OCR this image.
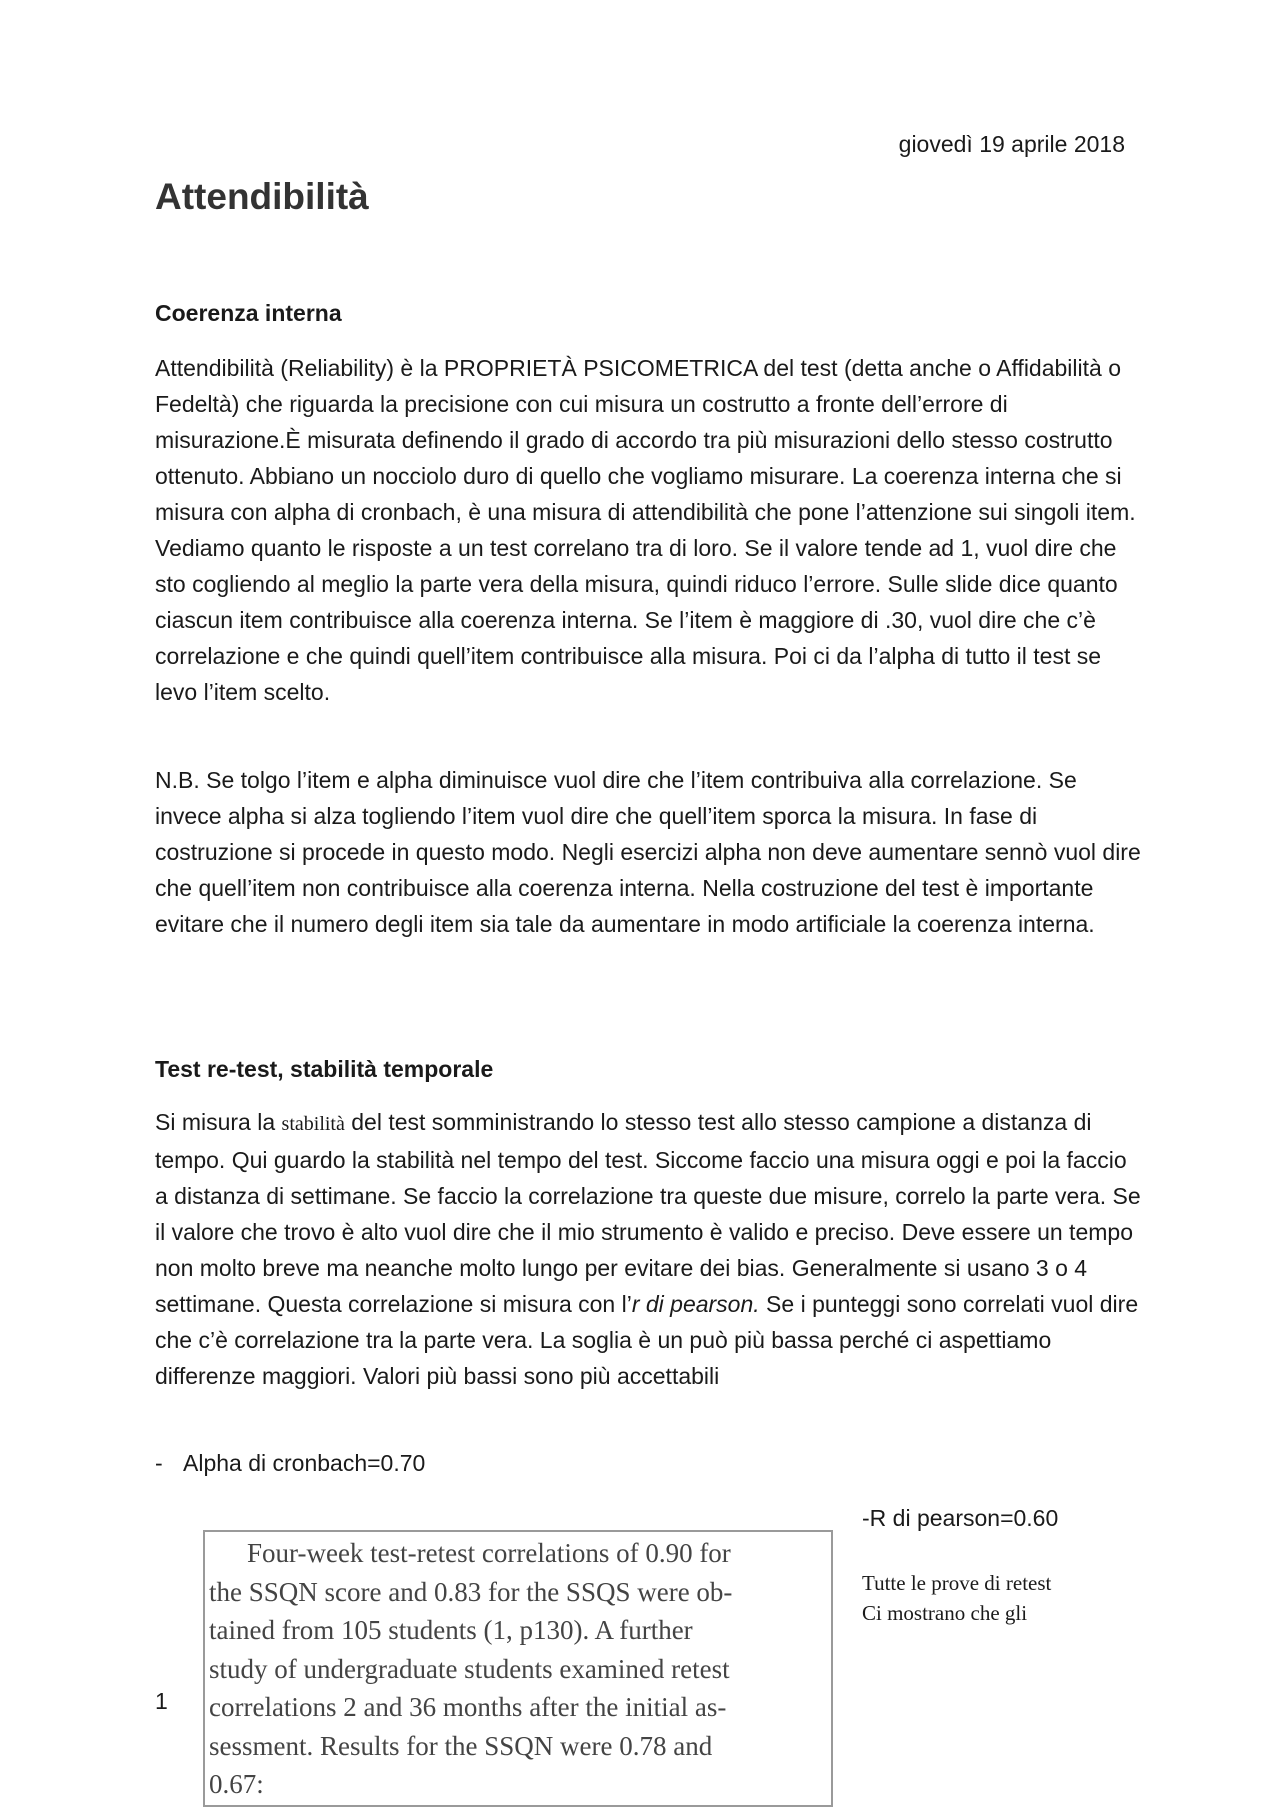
giovedì 19 aprile 2018
Attendibilità
Coerenza interna

Attendibilità (Reliability) è la PROPRIETÀ PSICOMETRICA del test (detta anche o Affidabilità o Fedeltà) che riguarda la precisione con cui misura un costrutto a fronte dell’errore di misurazione.È misurata definendo il grado di accordo tra più misurazioni dello stesso costrutto ottenuto. Abbiano un nocciolo duro di quello che vogliamo misurare. La coerenza interna che si misura con alpha di cronbach, è una misura di attendibilità che pone l’attenzione sui singoli item. Vediamo quanto le risposte a un test correlano tra di loro. Se il valore tende ad 1, vuol dire che sto cogliendo al meglio la parte vera della misura, quindi riduco l’errore. Sulle slide dice quanto ciascun item contribuisce alla coerenza interna. Se l’item è maggiore di .30, vuol dire che c’è correlazione e che quindi quell’item contribuisce alla misura. Poi ci da l’alpha di tutto il test se levo l’item scelto.

N.B. Se tolgo l’item e alpha diminuisce vuol dire che l’item contribuiva alla correlazione. Se invece alpha si alza togliendo l’item vuol dire che quell’item sporca la misura. In fase di costruzione si procede in questo modo. Negli esercizi alpha non deve aumentare sennò vuol dire che quell’item non contribuisce alla coerenza interna. Nella costruzione del test è importante evitare che il numero degli item sia tale da aumentare in modo artificiale la coerenza interna.

Test re-test, stabilità temporale

Si misura la stabilità del test somministrando lo stesso test allo stesso campione a distanza di tempo. Qui guardo la stabilità nel tempo del test. Siccome faccio una misura oggi e poi la faccio a distanza di settimane. Se faccio la correlazione tra queste due misure, correlo la parte vera. Se il valore che trovo è alto vuol dire che il mio strumento è valido e preciso. Deve essere un tempo non molto breve ma neanche molto lungo per evitare dei bias. Generalmente si usano 3 o 4 settimane. Questa correlazione si misura con l’r di pearson. Se i punteggi sono correlati vuol dire che c’è correlazione tra la parte vera. La soglia è un può più bassa perché ci aspettiamo differenze maggiori. Valori più bassi sono più accettabili

- Alpha di cronbach=0.70
-R di pearson=0.60
Tutte le prove di retest
Ci mostrano che gli
1
Four-week test-retest correlations of 0.90 for
the SSQN score and 0.83 for the SSQS were ob-
tained from 105 students (1, p130). A further
study of undergraduate students examined retest
correlations 2 and 36 months after the initial as-
sessment. Results for the SSQN were 0.78 and
0.67:
